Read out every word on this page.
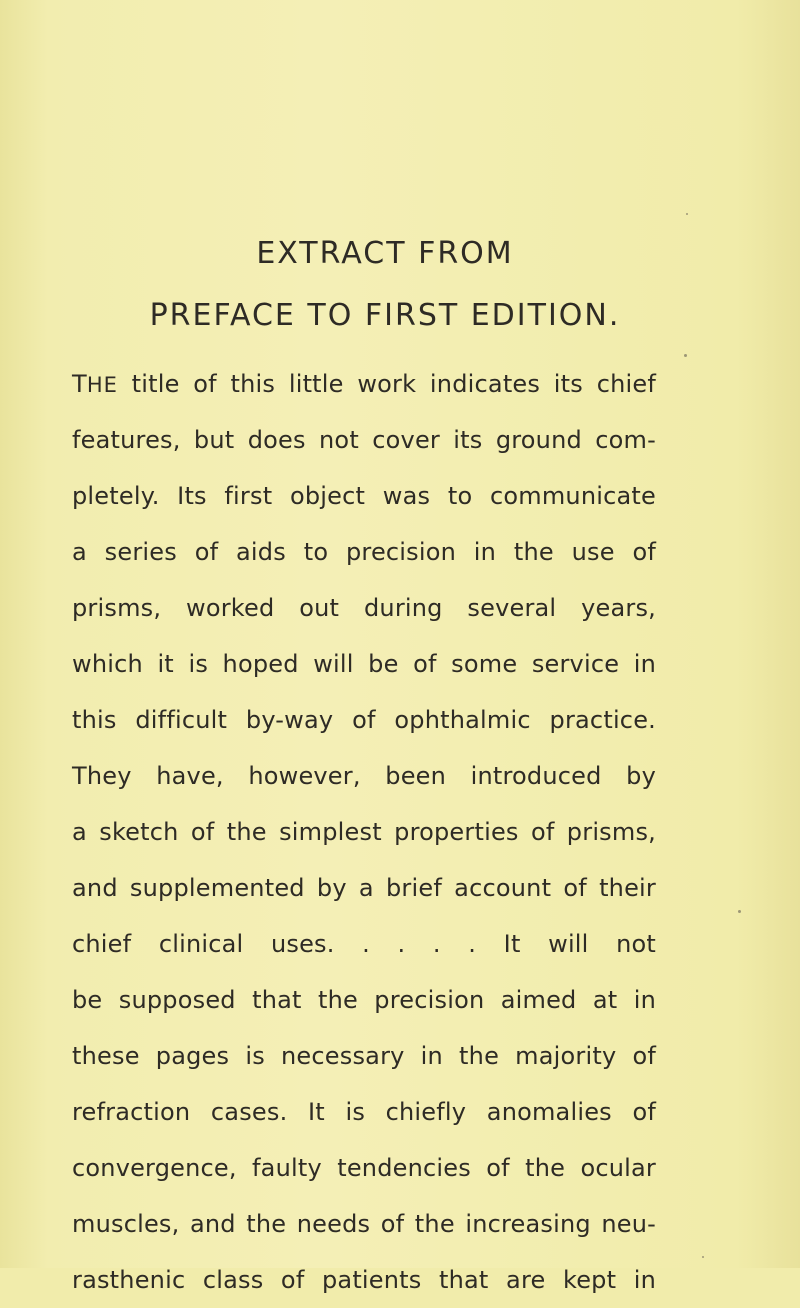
EXTRACT FROM
PREFACE TO FIRST EDITION.
THE title of this little work indicates its chief
features, but does not cover its ground com-
pletely. Its first object was to communicate
a series of aids to precision in the use of
prisms, worked out during several years,
which it is hoped will be of some service in
this difficult by-way of ophthalmic practice.
They have, however, been introduced by
a sketch of the simplest properties of prisms,
and supplemented by a brief account of their
chief clinical uses. . . . . It will not
be supposed that the precision aimed at in
these pages is necessary in the majority of
refraction cases. It is chiefly anomalies of
convergence, faulty tendencies of the ocular
muscles, and the needs of the increasing neu-
rasthenic class of patients that are kept in
